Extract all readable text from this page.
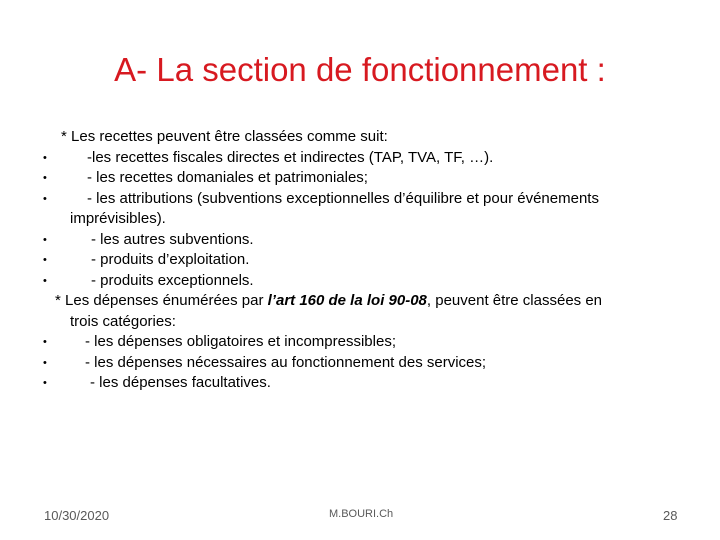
A- La section de fonctionnement :
* Les recettes peuvent être classées comme suit:
•	-les recettes fiscales directes et indirectes (TAP, TVA, TF, …).
•	- les recettes domaniales et patrimoniales;
•	- les attributions (subventions exceptionnelles d’équilibre et pour événements
imprévisibles).
•	- les autres subventions.
•	- produits d’exploitation.
•	- produits exceptionnels.
* Les dépenses énumérées par l’art 160 de la loi 90-08, peuvent être classées en
trois catégories:
•	- les dépenses obligatoires et incompressibles;
•	- les dépenses nécessaires au fonctionnement des services;
•	- les dépenses facultatives.
10/30/2020	M.BOURI.Ch	28
